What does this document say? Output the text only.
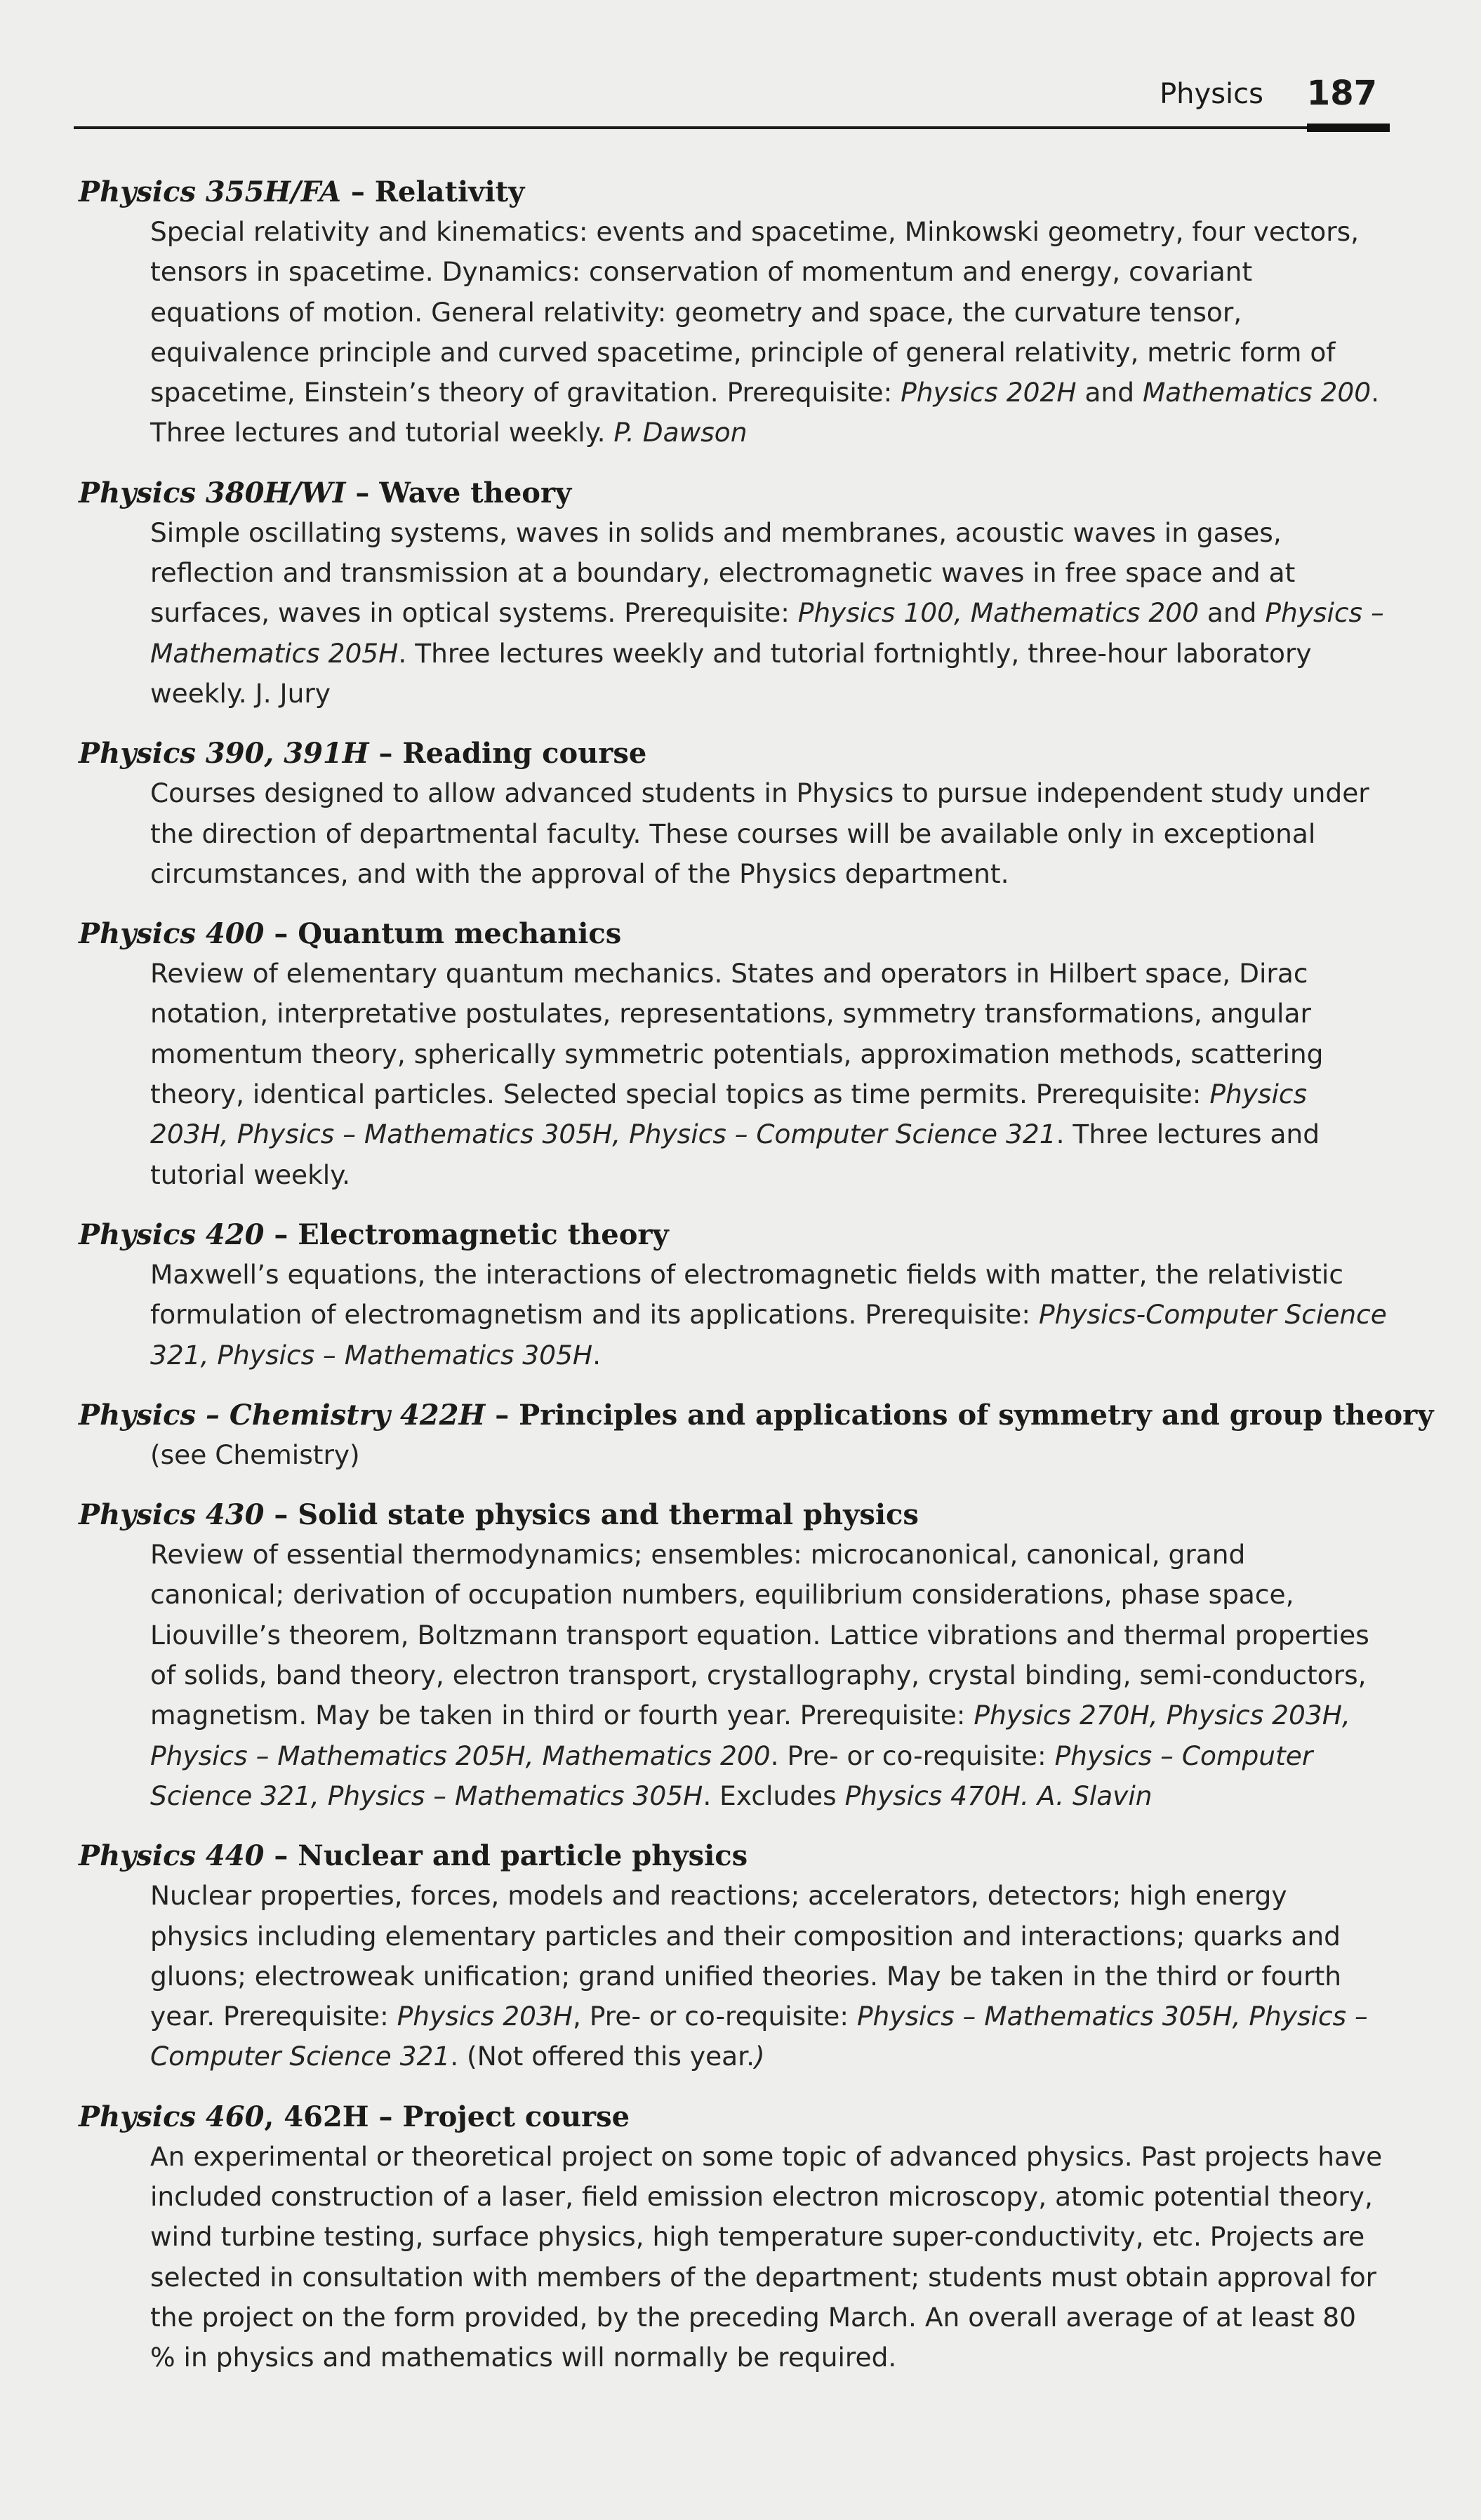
Physics 187
Physics 355H/FA – Relativity
Special relativity and kinematics: events and spacetime, Minkowski geometry, four vectors, tensors in spacetime. Dynamics: conservation of momentum and energy, covariant equations of motion. General relativity: geometry and space, the curvature tensor, equivalence principle and curved spacetime, principle of general relativity, metric form of spacetime, Einstein’s theory of gravitation. Prerequisite: Physics 202H and Mathematics 200. Three lectures and tutorial weekly. P. Dawson
Physics 380H/WI – Wave theory
Simple oscillating systems, waves in solids and membranes, acoustic waves in gases, reflection and transmission at a boundary, electromagnetic waves in free space and at surfaces, waves in optical systems. Prerequisite: Physics 100, Mathematics 200 and Physics – Mathematics 205H. Three lectures weekly and tutorial fortnightly, three-hour laboratory weekly. J. Jury
Physics 390, 391H – Reading course
Courses designed to allow advanced students in Physics to pursue independent study under the direction of departmental faculty. These courses will be available only in exceptional circumstances, and with the approval of the Physics department.
Physics 400 – Quantum mechanics
Review of elementary quantum mechanics. States and operators in Hilbert space, Dirac notation, interpretative postulates, representations, symmetry transformations, angular momentum theory, spherically symmetric potentials, approximation methods, scattering theory, identical particles. Selected special topics as time permits. Prerequisite: Physics 203H, Physics – Mathematics 305H, Physics – Computer Science 321. Three lectures and tutorial weekly.
Physics 420 – Electromagnetic theory
Maxwell’s equations, the interactions of electromagnetic fields with matter, the relativistic formulation of electromagnetism and its applications. Prerequisite: Physics-Computer Science 321, Physics – Mathematics 305H.
Physics – Chemistry 422H – Principles and applications of symmetry and group theory
(see Chemistry)
Physics 430 – Solid state physics and thermal physics
Review of essential thermodynamics; ensembles: microcanonical, canonical, grand canonical; derivation of occupation numbers, equilibrium considerations, phase space, Liouville’s theorem, Boltzmann transport equation. Lattice vibrations and thermal properties of solids, band theory, electron transport, crystallography, crystal binding, semi-conductors, magnetism. May be taken in third or fourth year. Prerequisite: Physics 270H, Physics 203H, Physics – Mathematics 205H, Mathematics 200. Pre- or co-requisite: Physics – Computer Science 321, Physics – Mathematics 305H. Excludes Physics 470H. A. Slavin
Physics 440 – Nuclear and particle physics
Nuclear properties, forces, models and reactions; accelerators, detectors; high energy physics including elementary particles and their composition and interactions; quarks and gluons; electroweak unification; grand unified theories. May be taken in the third or fourth year. Prerequisite: Physics 203H, Pre- or co-requisite: Physics – Mathematics 305H, Physics – Computer Science 321. (Not offered this year.)
Physics 460, 462H – Project course
An experimental or theoretical project on some topic of advanced physics. Past projects have included construction of a laser, field emission electron microscopy, atomic potential theory, wind turbine testing, surface physics, high temperature super-conductivity, etc. Projects are selected in consultation with members of the department; students must obtain approval for the project on the form provided, by the preceding March. An overall average of at least 80 % in physics and mathematics will normally be required.
